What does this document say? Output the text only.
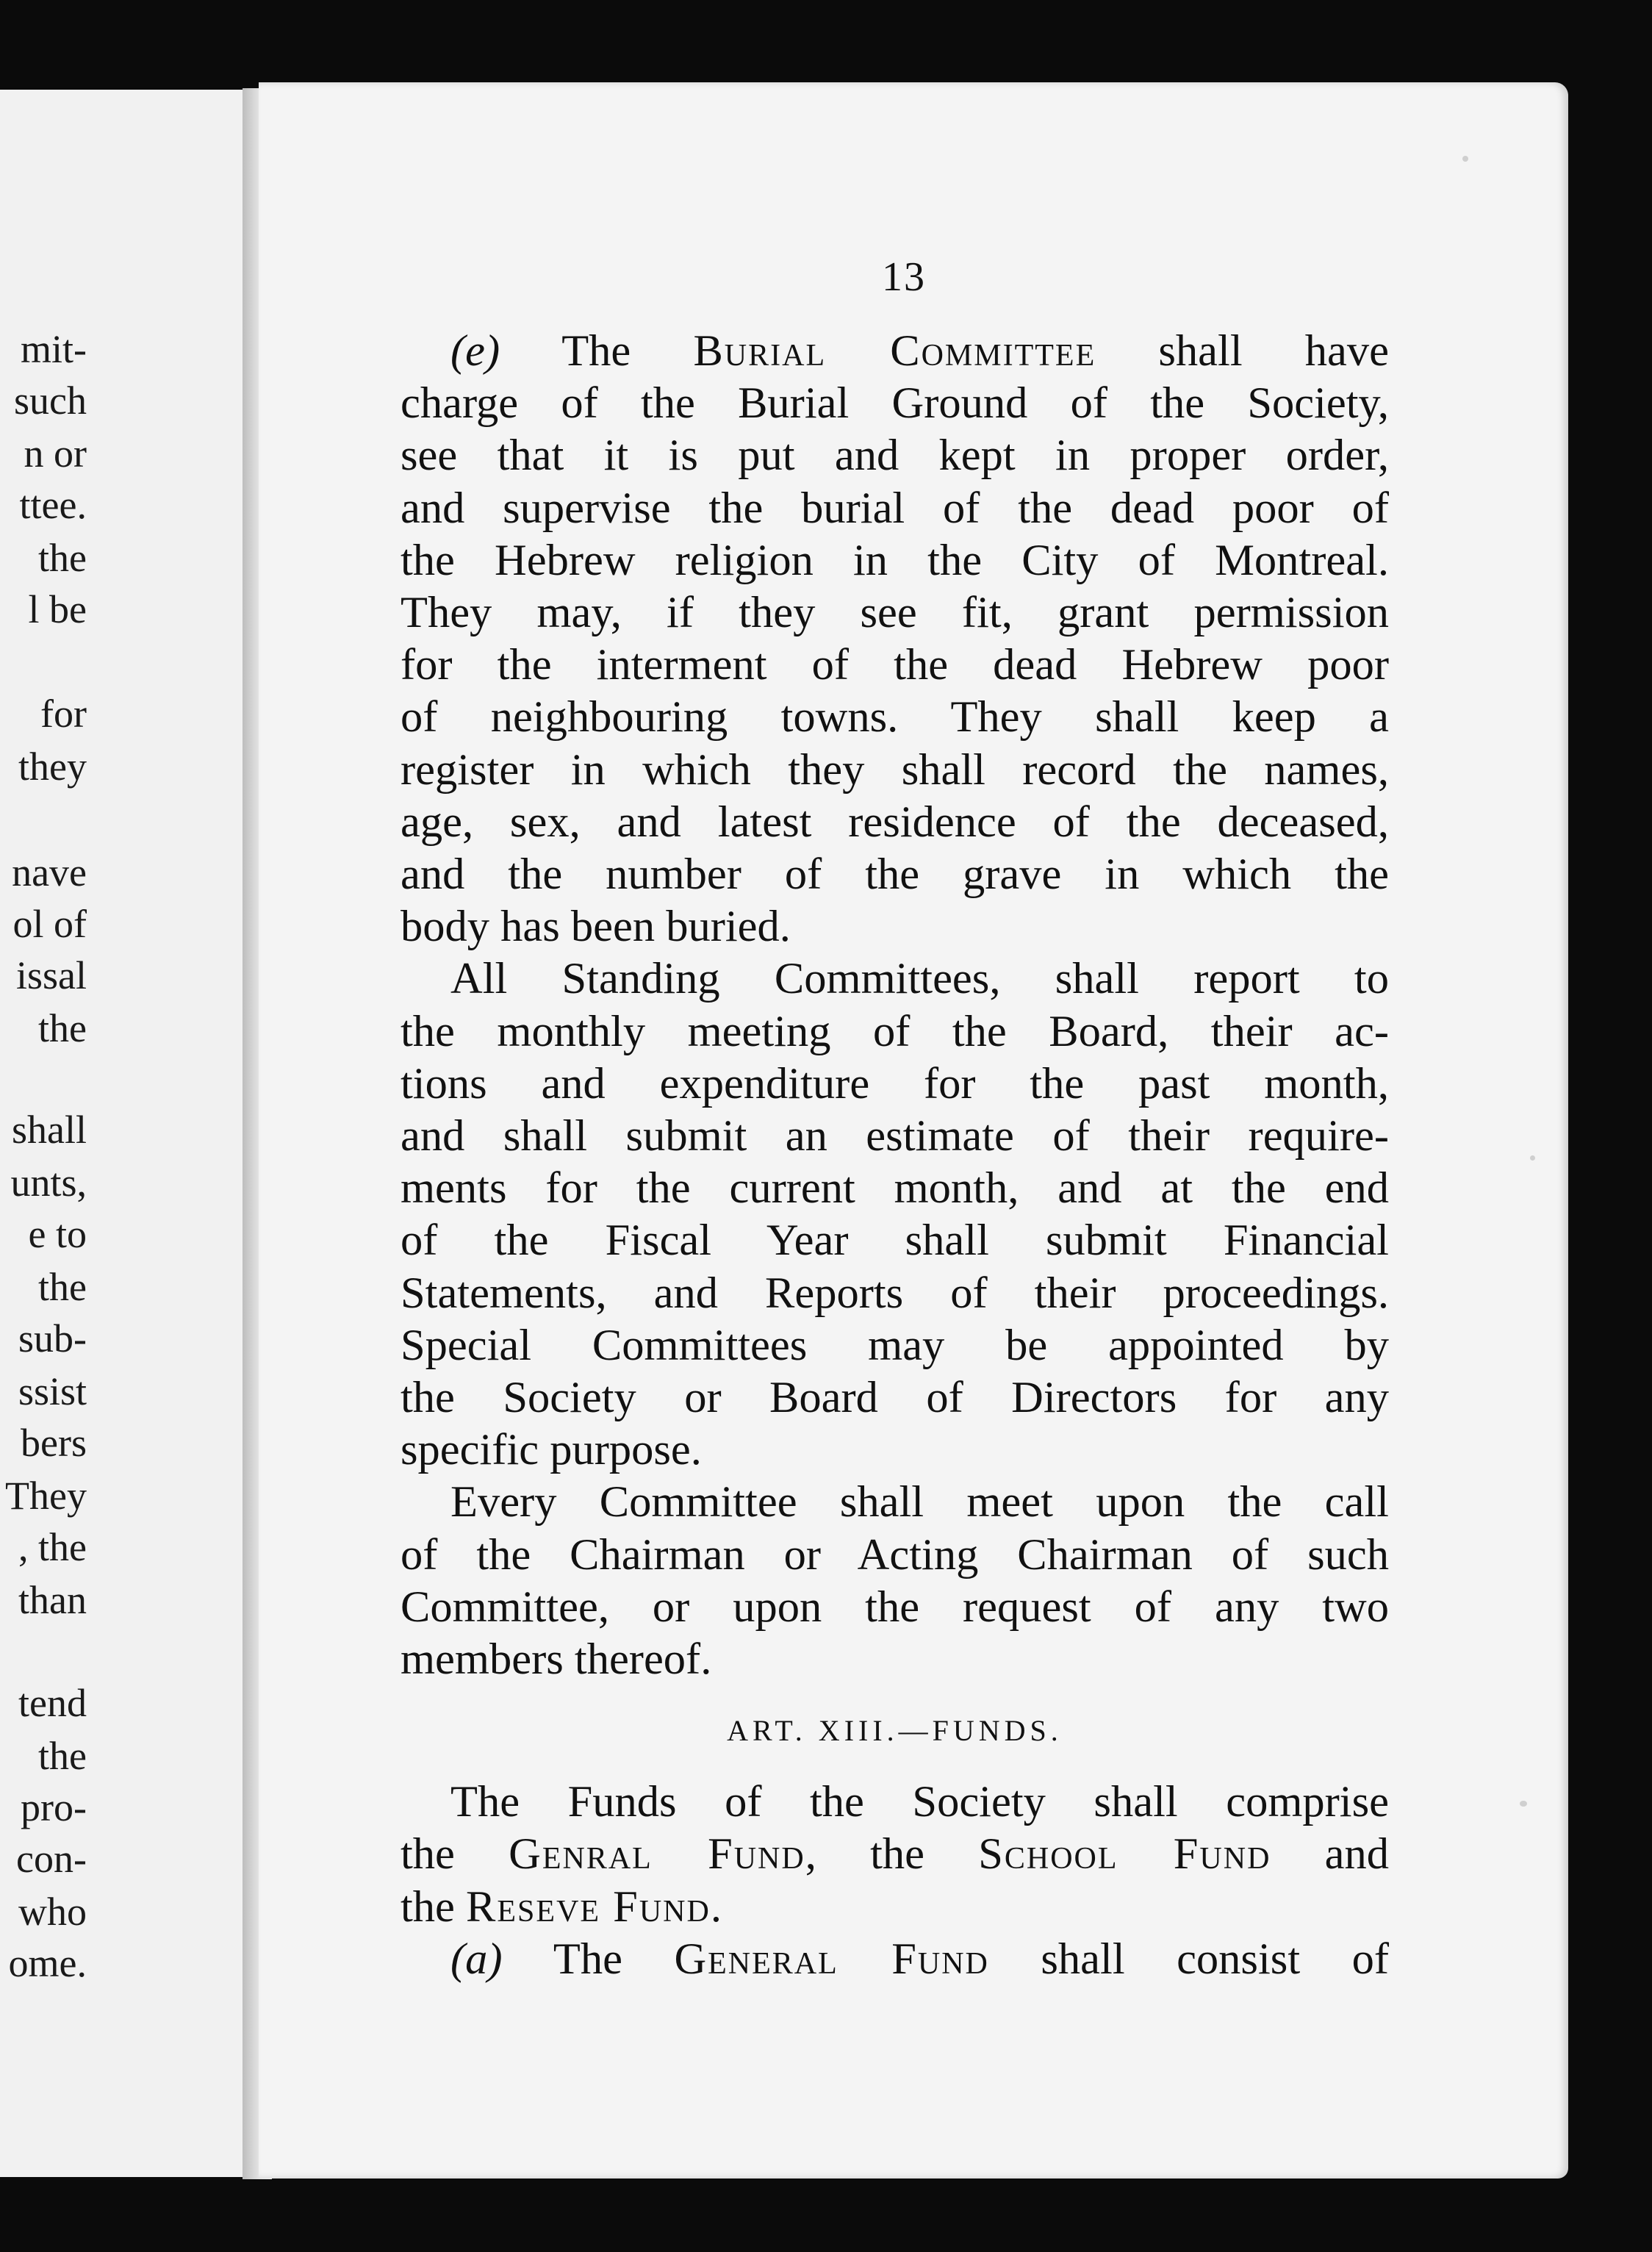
mit-
such
n or
ttee.
the
l be
for
they
nave
ol of
issal
the
shall
unts,
e to
the
sub-
ssist
bers
They
, the
than
tend
the
pro-
con-
who
ome.
13
(e) The Burial Committee shall have
charge of the Burial Ground of the Society,
see that it is put and kept in proper order,
and supervise the burial of the dead poor of
the Hebrew religion in the City of Montreal.
They may, if they see fit, grant permission
for the interment of the dead Hebrew poor
of neighbouring towns. They shall keep a
register in which they shall record the names,
age, sex, and latest residence of the deceased,
and the number of the grave in which the
body has been buried.
All Standing Committees, shall report to
the monthly meeting of the Board, their ac-
tions and expenditure for the past month,
and shall submit an estimate of their require-
ments for the current month, and at the end
of the Fiscal Year shall submit Financial
Statements, and Reports of their proceedings.
Special Committees may be appointed by
the Society or Board of Directors for any
specific purpose.
Every Committee shall meet upon the call
of the Chairman or Acting Chairman of such
Committee, or upon the request of any two
members thereof.
ART. XIII.—FUNDS.
The Funds of the Society shall comprise
the Genral Fund, the School Fund and
the Reseve Fund.
(a) The General Fund shall consist of
